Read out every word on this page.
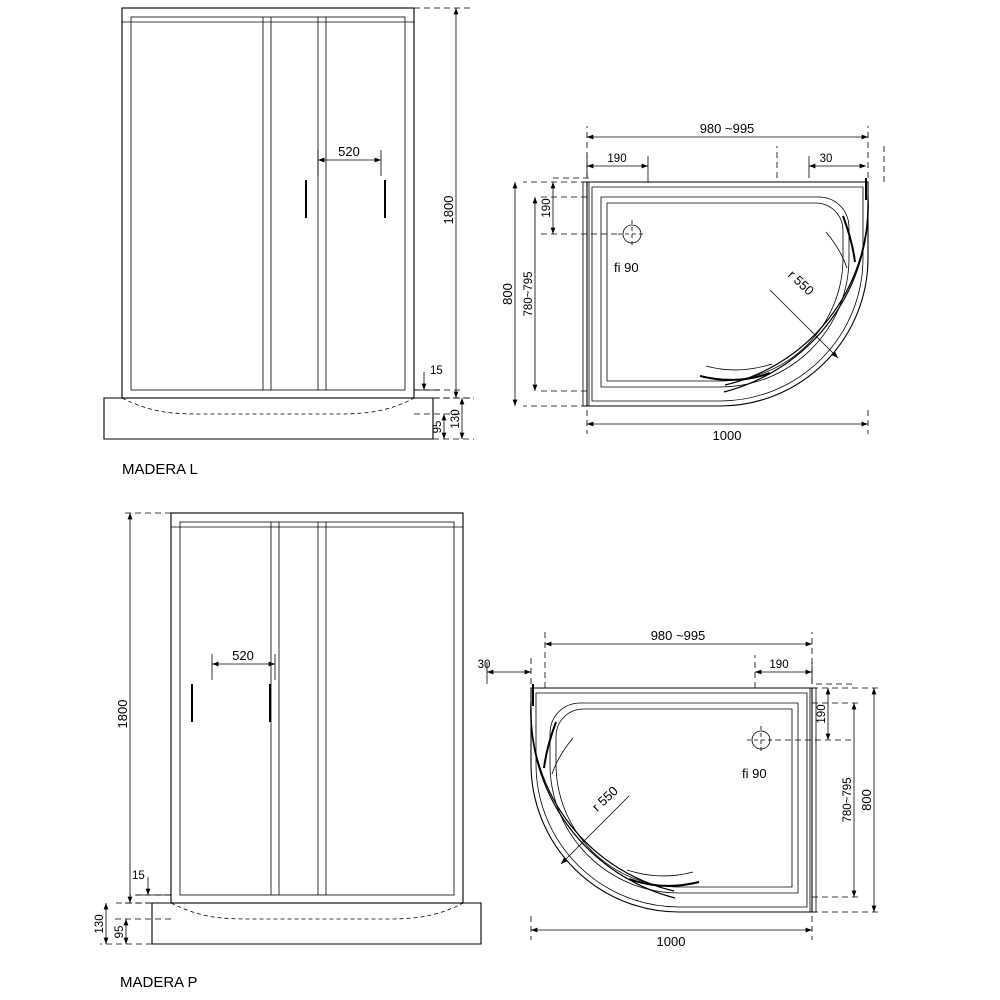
1800
520
15
130
95
MADERA L
fi 90	r 550
980 ~995
190	30
190
800 780~795
1000
1800
520
15
130 95
MADERA P
fi 90
r 550
980 ~995
30	190
190
780~795 800
1000
